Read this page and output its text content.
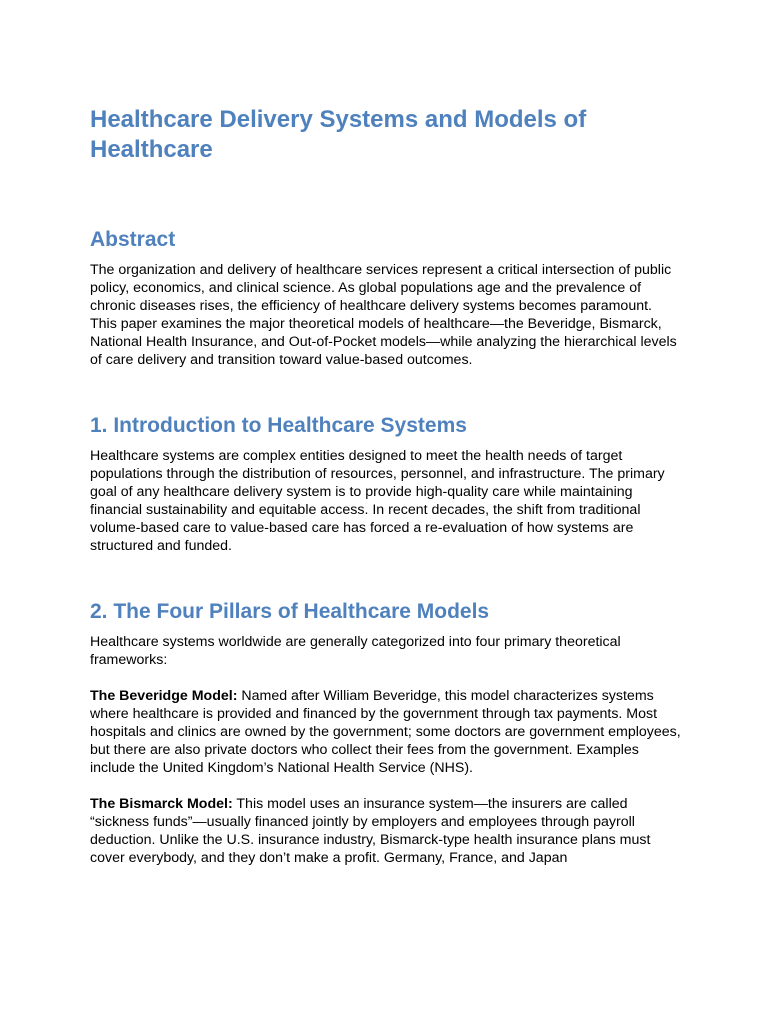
Healthcare Delivery Systems and Models of Healthcare
Abstract

The organization and delivery of healthcare services represent a critical intersection of public policy, economics, and clinical science. As global populations age and the prevalence of chronic diseases rises, the efficiency of healthcare delivery systems becomes paramount. This paper examines the major theoretical models of healthcare—the Beveridge, Bismarck, National Health Insurance, and Out-of-Pocket models—while analyzing the hierarchical levels of care delivery and transition toward value-based outcomes.

1. Introduction to Healthcare Systems

Healthcare systems are complex entities designed to meet the health needs of target populations through the distribution of resources, personnel, and infrastructure. The primary goal of any healthcare delivery system is to provide high-quality care while maintaining financial sustainability and equitable access. In recent decades, the shift from traditional volume-based care to value-based care has forced a re-evaluation of how systems are structured and funded.

2. The Four Pillars of Healthcare Models

Healthcare systems worldwide are generally categorized into four primary theoretical frameworks:

The Beveridge Model: Named after William Beveridge, this model characterizes systems where healthcare is provided and financed by the government through tax payments. Most hospitals and clinics are owned by the government; some doctors are government employees, but there are also private doctors who collect their fees from the government. Examples include the United Kingdom’s National Health Service (NHS).

The Bismarck Model: This model uses an insurance system—the insurers are called “sickness funds”—usually financed jointly by employers and employees through payroll deduction. Unlike the U.S. insurance industry, Bismarck-type health insurance plans must cover everybody, and they don’t make a profit. Germany, France, and Japan
